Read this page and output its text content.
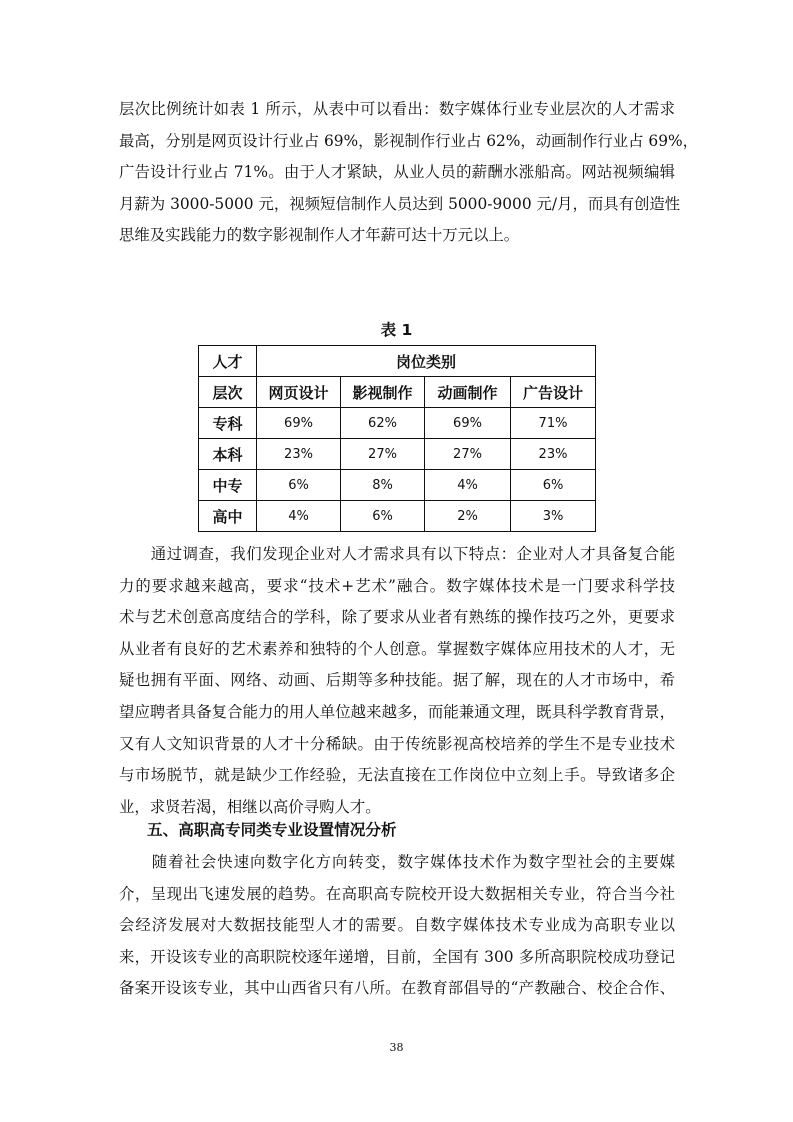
层次比例统计如表 1 所示，从表中可以看出：数字媒体行业专业层次的人才需求
最高，分别是网页设计行业占 69%，影视制作行业占 62%，动画制作行业占 69%，
广告设计行业占 71%。由于人才紧缺，从业人员的薪酬水涨船高。网站视频编辑
月薪为 3000-5000 元，视频短信制作人员达到 5000-9000 元/月，而具有创造性
思维及实践能力的数字影视制作人才年薪可达十万元以上。

表 1
人才	岗位类别			
层次	网页设计	影视制作	动画制作	广告设计
专科	69%	62%	69%	71%
本科	23%	27%	27%	23%
中专	6%	8%	4%	6%
高中	4%	6%	2%	3%

　　通过调查，我们发现企业对人才需求具有以下特点：企业对人才具备复合能
力的要求越来越高，要求“技术+艺术”融合。数字媒体技术是一门要求科学技
术与艺术创意高度结合的学科，除了要求从业者有熟练的操作技巧之外，更要求
从业者有良好的艺术素养和独特的个人创意。掌握数字媒体应用技术的人才，无
疑也拥有平面、网络、动画、后期等多种技能。据了解，现在的人才市场中，希
望应聘者具备复合能力的用人单位越来越多，而能兼通文理，既具科学教育背景，
又有人文知识背景的人才十分稀缺。由于传统影视高校培养的学生不是专业技术
与市场脱节，就是缺少工作经验，无法直接在工作岗位中立刻上手。导致诸多企
业，求贤若渴，相继以高价寻购人才。

五、高职高专同类专业设置情况分析

　　随着社会快速向数字化方向转变，数字媒体技术作为数字型社会的主要媒
介，呈现出飞速发展的趋势。在高职高专院校开设大数据相关专业，符合当今社
会经济发展对大数据技能型人才的需要。自数字媒体技术专业成为高职专业以
来，开设该专业的高职院校逐年递增，目前，全国有 300 多所高职院校成功登记
备案开设该专业，其中山西省只有八所。在教育部倡导的“产教融合、校企合作、

38
